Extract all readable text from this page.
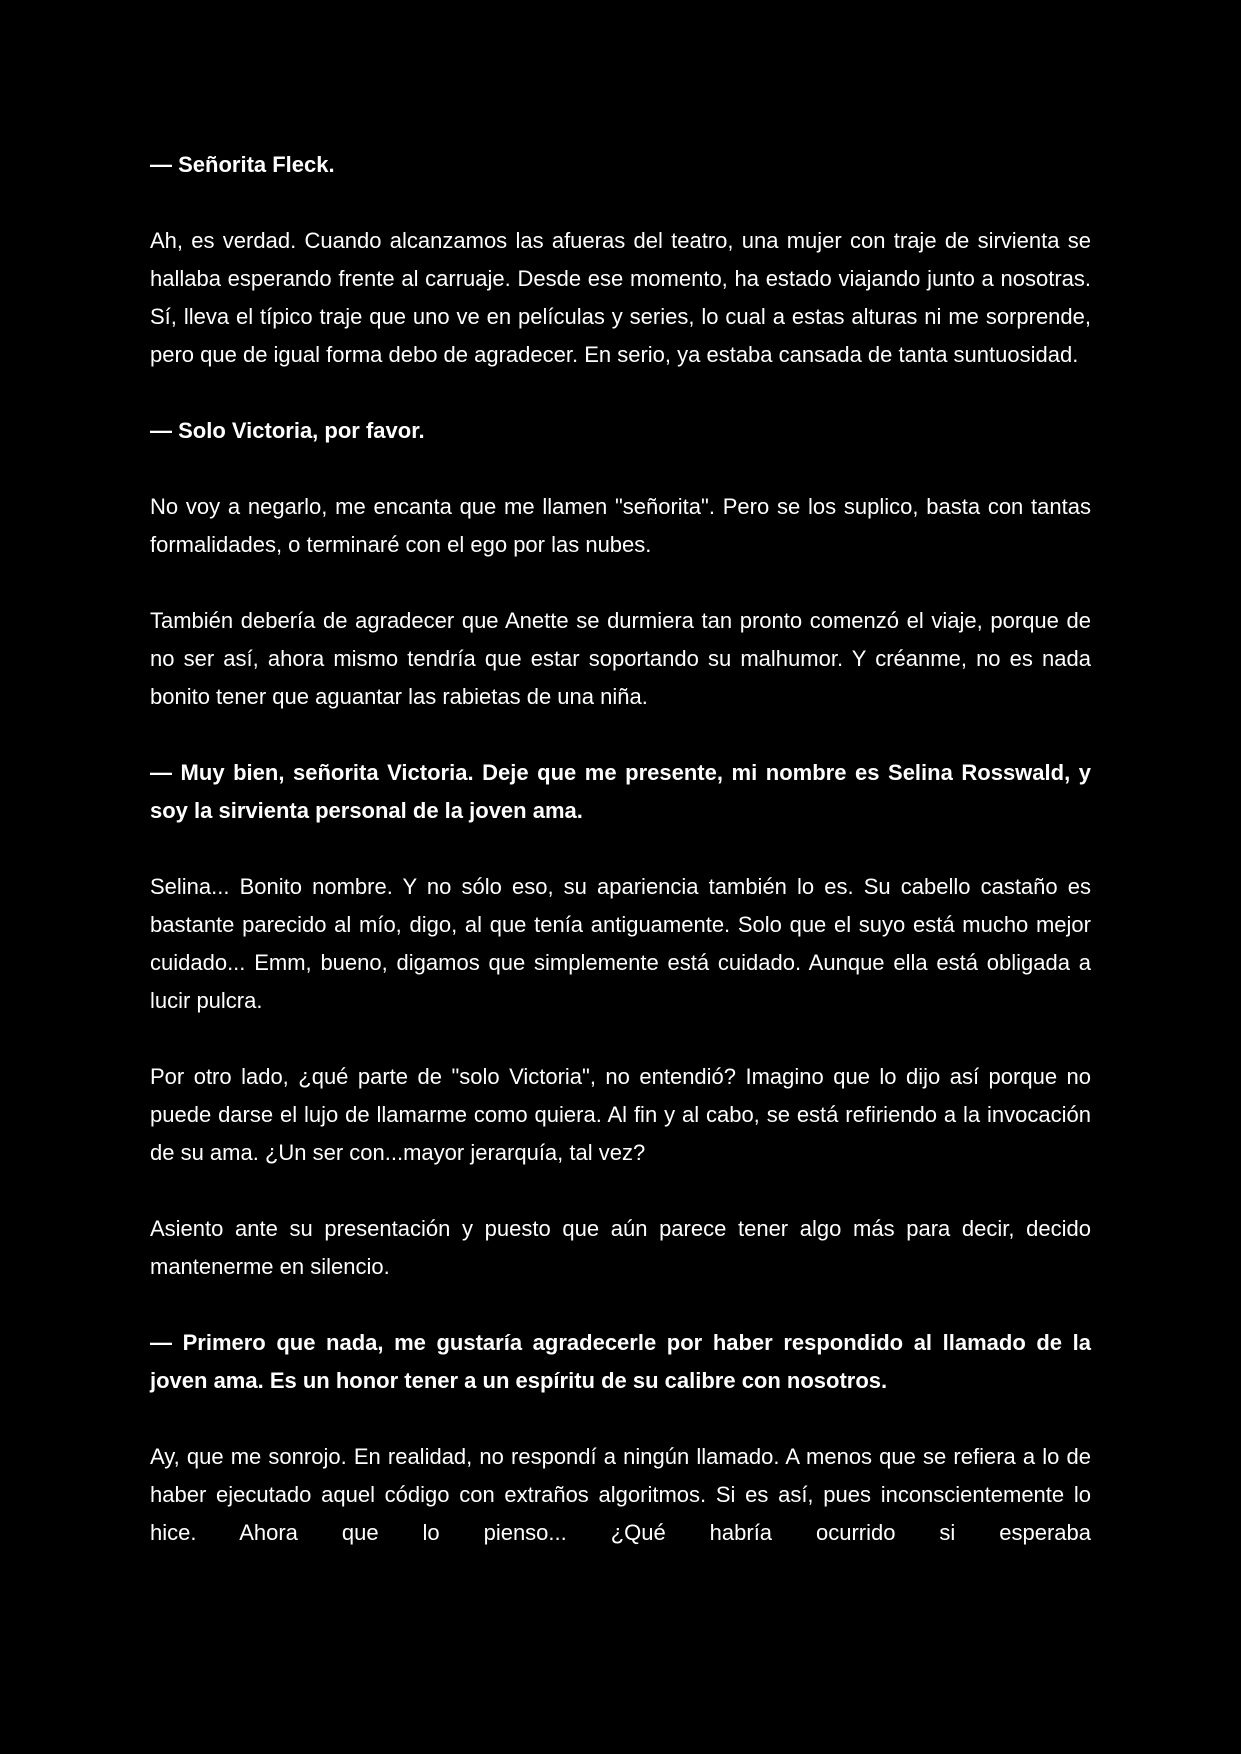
— Señorita Fleck.

Ah, es verdad. Cuando alcanzamos las afueras del teatro, una mujer con traje de sirvienta se hallaba esperando frente al carruaje. Desde ese momento, ha estado viajando junto a nosotras. Sí, lleva el típico traje que uno ve en películas y series, lo cual a estas alturas ni me sorprende, pero que de igual forma debo de agradecer. En serio, ya estaba cansada de tanta suntuosidad.

— Solo Victoria, por favor.

No voy a negarlo, me encanta que me llamen "señorita". Pero se los suplico, basta con tantas formalidades, o terminaré con el ego por las nubes.

También debería de agradecer que Anette se durmiera tan pronto comenzó el viaje, porque de no ser así, ahora mismo tendría que estar soportando su malhumor. Y créanme, no es nada bonito tener que aguantar las rabietas de una niña.

— Muy bien, señorita Victoria. Deje que me presente, mi nombre es Selina Rosswald, y soy la sirvienta personal de la joven ama.

Selina... Bonito nombre. Y no sólo eso, su apariencia también lo es. Su cabello castaño es bastante parecido al mío, digo, al que tenía antiguamente. Solo que el suyo está mucho mejor cuidado... Emm, bueno, digamos que simplemente está cuidado. Aunque ella está obligada a lucir pulcra.

Por otro lado, ¿qué parte de "solo Victoria", no entendió? Imagino que lo dijo así porque no puede darse el lujo de llamarme como quiera. Al fin y al cabo, se está refiriendo a la invocación de su ama. ¿Un ser con...mayor jerarquía, tal vez?

Asiento ante su presentación y puesto que aún parece tener algo más para decir, decido mantenerme en silencio.

— Primero que nada, me gustaría agradecerle por haber respondido al llamado de la joven ama. Es un honor tener a un espíritu de su calibre con nosotros.

Ay, que me sonrojo. En realidad, no respondí a ningún llamado. A menos que se refiera a lo de haber ejecutado aquel código con extraños algoritmos. Si es así, pues inconscientemente lo hice. Ahora que lo pienso... ¿Qué habría ocurrido si esperaba
